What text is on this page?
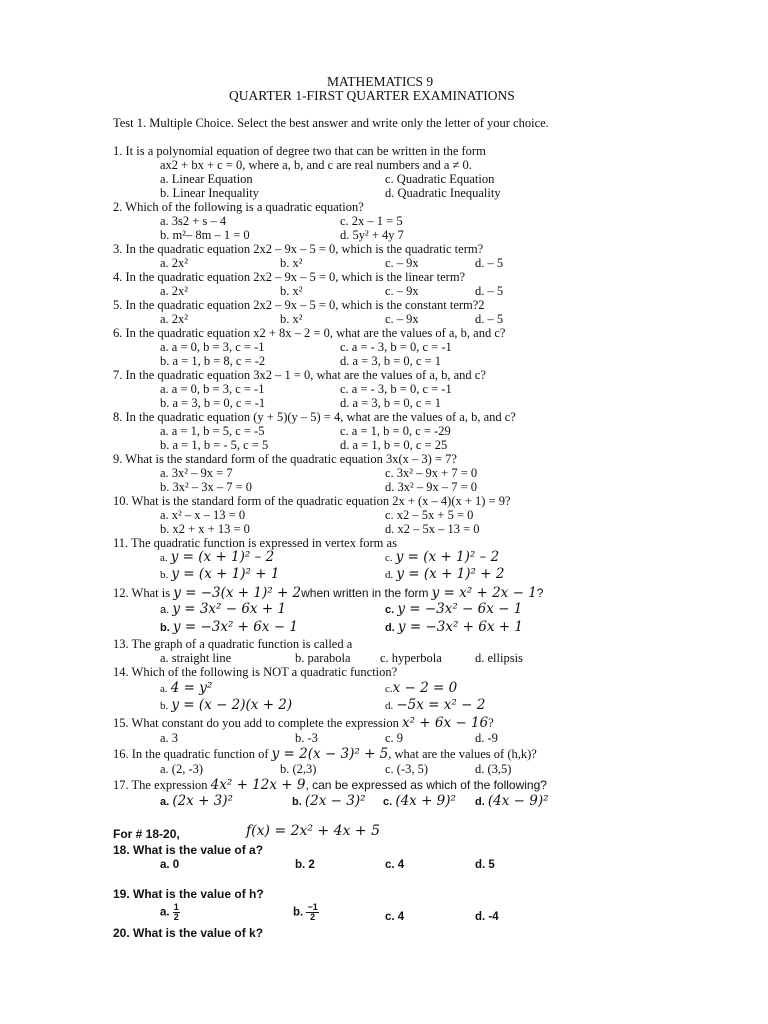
MATHEMATICS 9
QUARTER 1-FIRST QUARTER EXAMINATIONS
Test 1. Multiple Choice. Select the best answer and write only the letter of your choice.
1. It is a polynomial equation of degree two that can be written in the form
ax2 + bx + c = 0, where a, b, and c are real numbers and a ≠ 0.
a. Linear Equation	c. Quadratic Equation
b. Linear Inequality	d. Quadratic Inequality
2. Which of the following is a quadratic equation?
a. 3s2 + s – 4	c. 2x – 1 = 5
b. m²– 8m – 1 = 0	d. 5y² + 4y 7
3. In the quadratic equation 2x2 – 9x – 5 = 0, which is the quadratic term?
a. 2x²	b. x²	c. – 9x	d. – 5
4. In the quadratic equation 2x2 – 9x – 5 = 0, which is the linear term?
a. 2x²	b. x²	c. – 9x	d. – 5
5. In the quadratic equation 2x2 – 9x – 5 = 0, which is the constant term?2
a. 2x²	b. x²	c. – 9x	d. – 5
6. In the quadratic equation x2 + 8x – 2 = 0, what are the values of a, b, and c?
a. a = 0, b = 3, c = -1	c. a = - 3, b = 0, c = -1
b. a = 1, b = 8, c = -2	d. a = 3, b = 0, c = 1
7. In the quadratic equation 3x2 – 1 = 0, what are the values of a, b, and c?
a. a = 0, b = 3, c = -1	c. a = - 3, b = 0, c = -1
b. a = 3, b = 0, c = -1	d. a = 3, b = 0, c = 1
8. In the quadratic equation (y + 5)(y – 5) = 4, what are the values of a, b, and c?
a. a = 1, b = 5, c = -5	c. a = 1, b = 0, c = -29
b. a = 1, b = - 5, c = 5	d. a = 1, b = 0, c = 25
9. What is the standard form of the quadratic equation 3x(x – 3) = 7?
a. 3x² – 9x = 7	c. 3x² – 9x + 7 = 0
b. 3x² – 3x – 7 = 0	d. 3x² – 9x – 7 = 0
10. What is the standard form of the quadratic equation 2x + (x – 4)(x + 1) = 9?
a. x² – x – 13 = 0	c. x2 – 5x + 5 = 0
b. x2 + x + 13 = 0	d. x2 – 5x – 13 = 0
11. The quadratic function is expressed in vertex form as
a. y = (x + 1)² – 2	c. y = (x + 1)² – 2
b. y = (x + 1)² + 1	d. y = (x + 1)² + 2
12. What is y = −3(x + 1)² + 2when written in the form y = x² + 2x − 1?
a. y = 3x² − 6x + 1	c. y = −3x² − 6x − 1
b. y = −3x² + 6x − 1	d. y = −3x² + 6x + 1
13. The graph of a quadratic function is called a
a. straight line	b. parabola c. hyperbola	d. ellipsis
14. Which of the following is NOT a quadratic function?
a. 4 = y²	c.x − 2 = 0
b. y = (x − 2)(x + 2)	d. −5x = x² − 2
15. What constant do you add to complete the expression x² + 6x − 16?
a. 3	b. -3	c. 9	d. -9
16. In the quadratic function of y = 2(x − 3)² + 5, what are the values of (h,k)?
a. (2, -3)	b. (2,3)	c. (-3, 5)	d. (3,5)
17. The expression 4x² + 12x + 9, can be expressed as which of the following?
a. (2x + 3)²	b. (2x − 3)² c. (4x + 9)² d. (4x − 9)²
For # 18-20,	f(x) = 2x² + 4x + 5
18. What is the value of a?
a. 0	b. 2	c. 4	d. 5
19. What is the value of h?
a. $\frac{1}{2}$	b. $\frac{-1}{2}$	c. 4	d. -4
20. What is the value of k?
